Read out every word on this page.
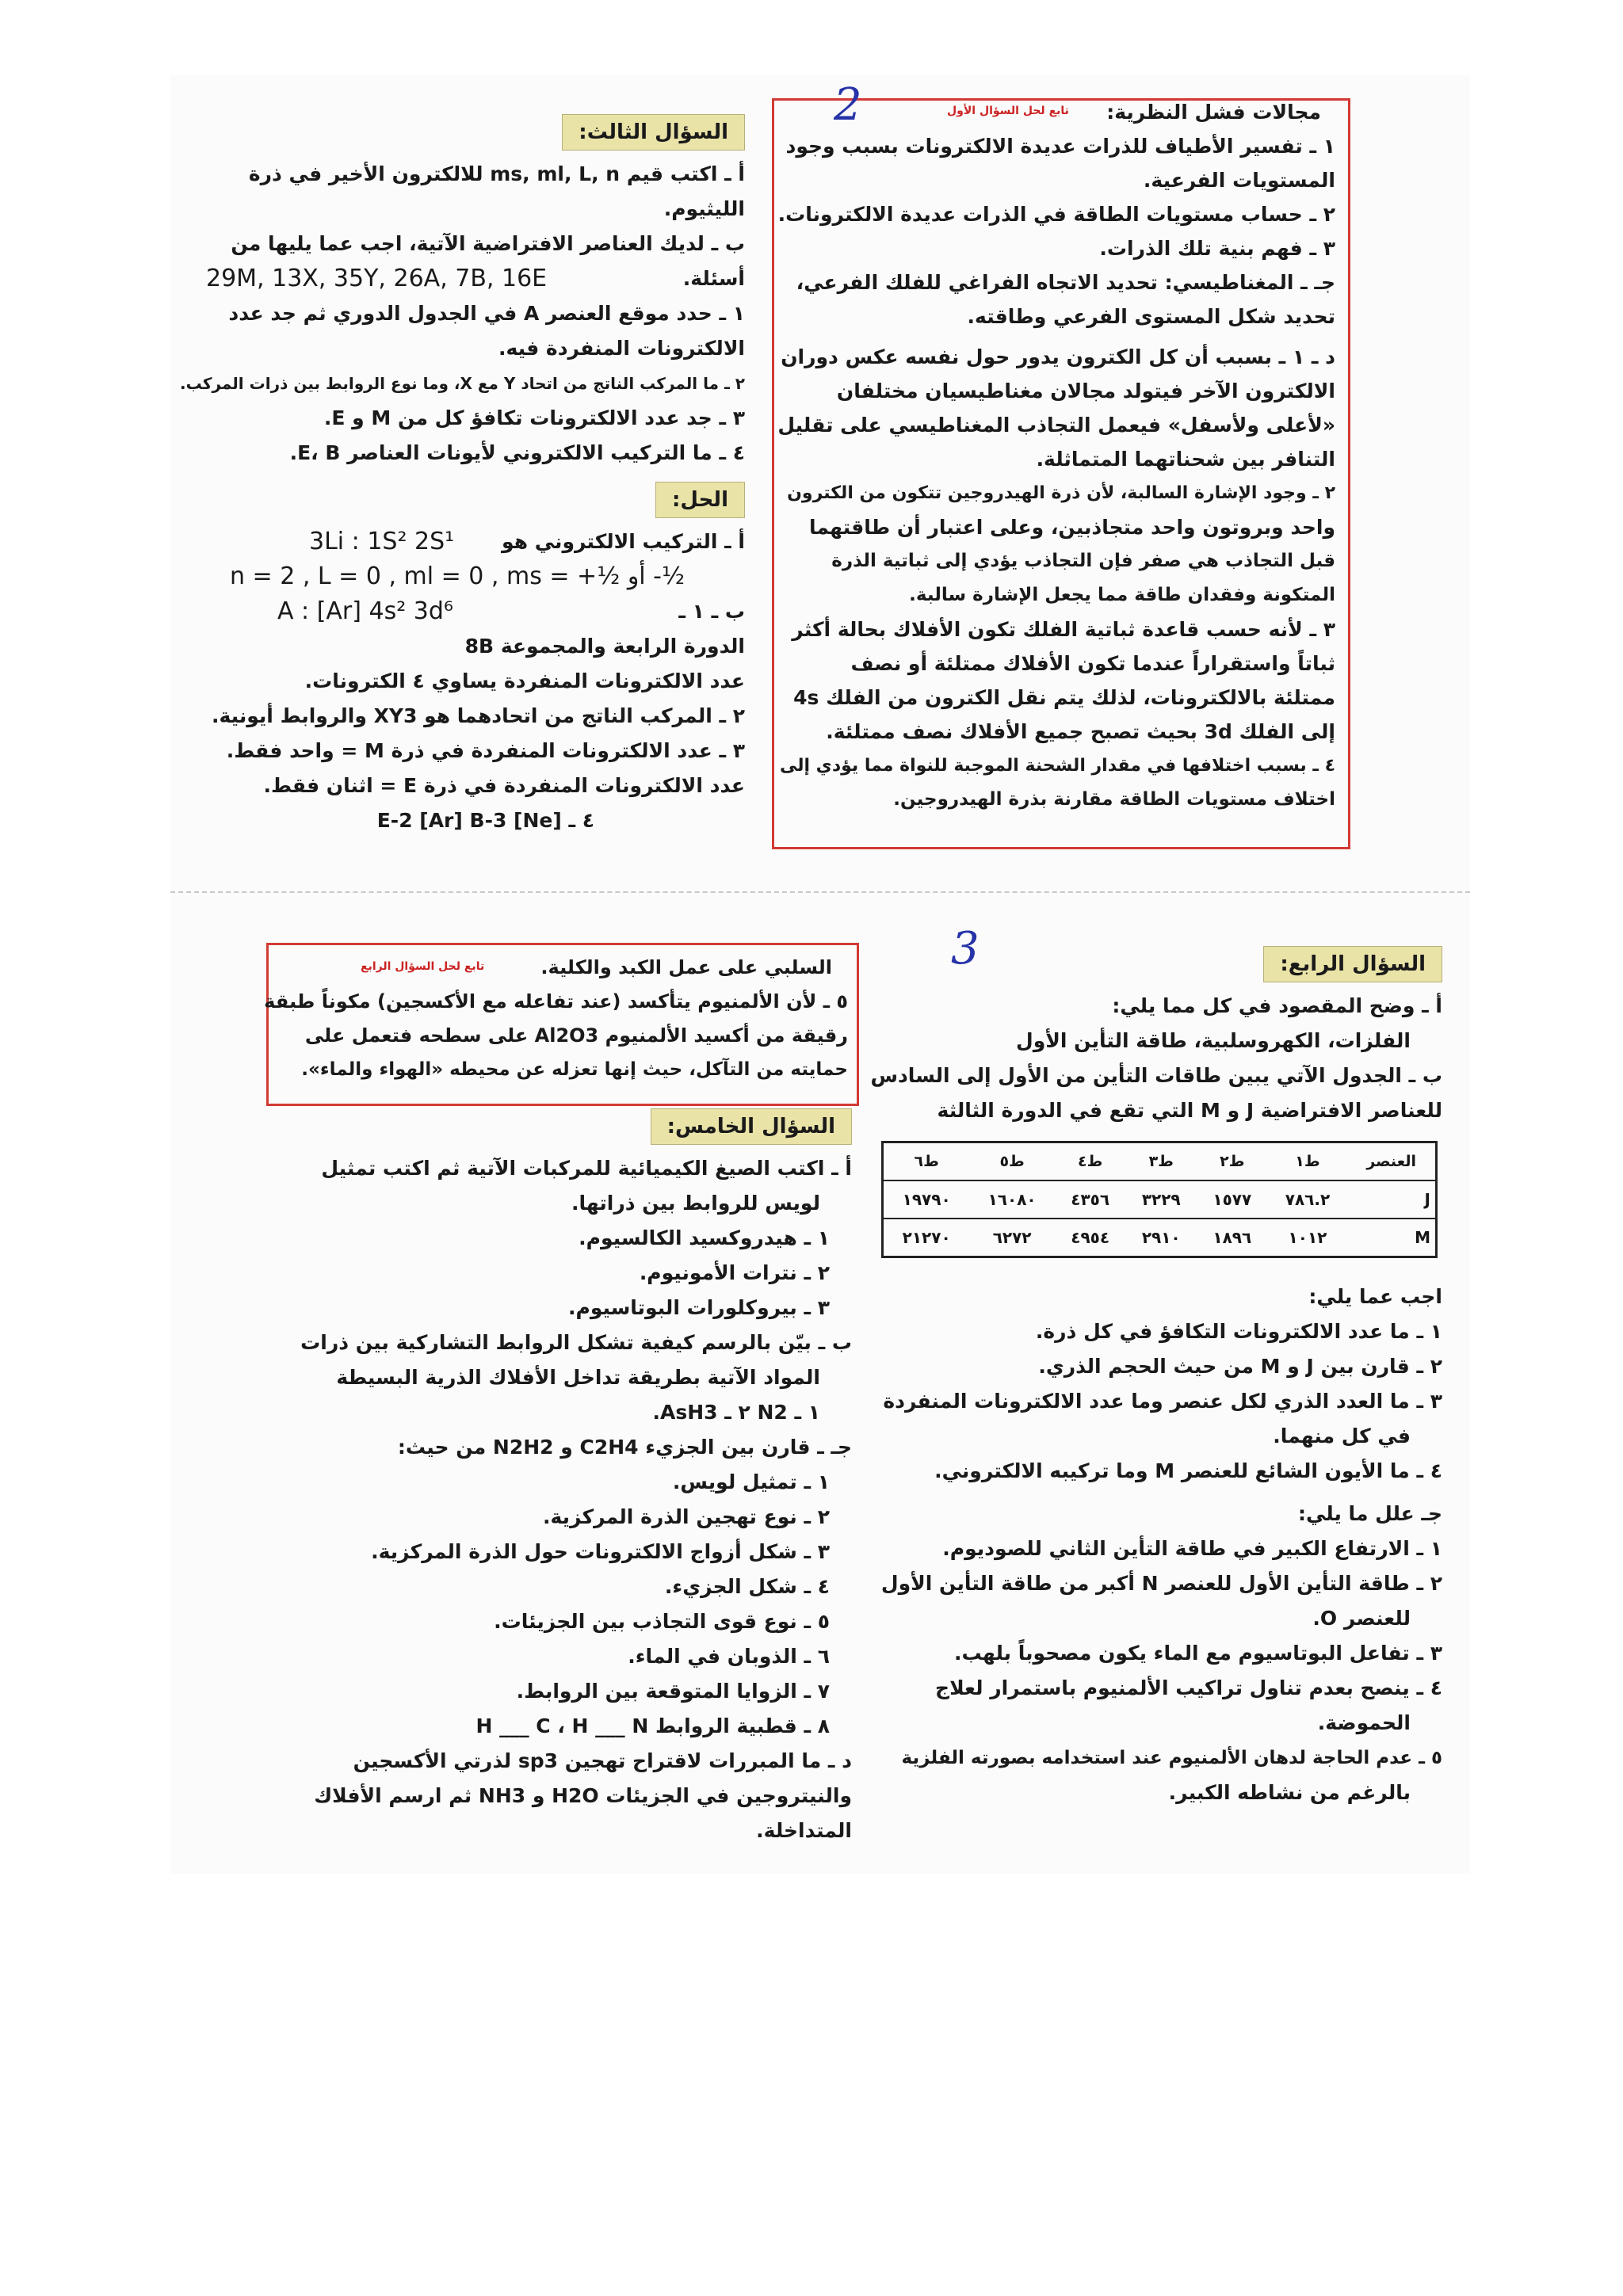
السؤال الثالث:
أ ـ اكتب قيم ms, ml, L, n للالكترون الأخير في ذرة
الليثيوم.
ب ـ لديك العناصر الافتراضية الآتية، اجب عما يليها من
أسئلة.
29M, 13X, 35Y, 26A, 7B, 16E
١ ـ حدد موقع العنصر A في الجدول الدوري ثم جد عدد
الالكترونات المنفردة فيه.
٢ ـ ما المركب الناتج من اتحاد Y مع X، وما نوع الروابط بين ذرات المركب.
٣ ـ جد عدد الالكترونات تكافؤ كل من M و E.
٤ ـ ما التركيب الالكتروني لأيونات العناصر E، B.
الحل:
أ ـ التركيب الالكتروني هو
3Li : 1S² 2S¹
n = 2 , L = 0 , ml = 0 , ms = +½ أو -½
ب ـ ١ ـ
A : [Ar] 4s² 3d⁶
الدورة الرابعة والمجموعة 8B
عدد الالكترونات المنفردة يساوي ٤ الكترونات.
٢ ـ المركب الناتج من اتحادهما هو XY3 والروابط أيونية.
٣ ـ عدد الالكترونات المنفردة في ذرة M = واحد فقط.
عدد الالكترونات المنفردة في ذرة E = اثنان فقط.
٤ ـ E-2 [Ar] B-3 [Ne]
تابع لحل السؤال الأول
2	مجالات فشل النظرية:
١ ـ تفسير الأطياف للذرات عديدة الالكترونات بسبب وجود
المستويات الفرعية.
٢ ـ حساب مستويات الطاقة في الذرات عديدة الالكترونات.
٣ ـ فهم بنية تلك الذرات.
جـ ـ المغناطيسي: تحديد الاتجاه الفراغي للفلك الفرعي،
تحديد شكل المستوى الفرعي وطاقته.
د ـ ١ ـ بسبب أن كل الكترون يدور حول نفسه عكس دوران
الالكترون الآخر فيتولد مجالان مغناطيسيان مختلفان
«لأعلى ولأسفل» فيعمل التجاذب المغناطيسي على تقليل
التنافر بين شحناتهما المتماثلة.
٢ ـ وجود الإشارة السالبة، لأن ذرة الهيدروجين تتكون من الكترون
واحد وبروتون واحد متجاذبين، وعلى اعتبار أن طاقتهما
قبل التجاذب هي صفر فإن التجاذب يؤدي إلى ثباتية الذرة
المتكونة وفقدان طاقة مما يجعل الإشارة سالبة.
٣ ـ لأنه حسب قاعدة ثباتية الفلك تكون الأفلاك بحالة أكثر
ثباتاً واستقراراً عندما تكون الأفلاك ممتلئة أو نصف
ممتلئة بالالكترونات، لذلك يتم نقل الكترون من الفلك 4s
إلى الفلك 3d بحيث تصبح جميع الأفلاك نصف ممتلئة.
٤ ـ بسبب اختلافها في مقدار الشحنة الموجبة للنواة مما يؤدي إلى
اختلاف مستويات الطاقة مقارنة بذرة الهيدروجين.
تابع لحل السؤال الرابع	السلبي على عمل الكبد والكلية.
٥ ـ لأن الألمنيوم يتأكسد (عند تفاعله مع الأكسجين) مكوناً طبقة
رقيقة من أكسيد الألمنيوم Al2O3 على سطحه فتعمل على
حمايته من التآكل، حيث إنها تعزله عن محيطه «الهواء والماء».
السؤال الخامس:
أ ـ اكتب الصيغ الكيميائية للمركبات الآتية ثم اكتب تمثيل
لويس للروابط بين ذراتها.
١ ـ هيدروكسيد الكالسيوم.
٢ ـ نترات الأمونيوم.
٣ ـ بيروكلورات البوتاسيوم.
ب ـ بيّن بالرسم كيفية تشكل الروابط التشاركية بين ذرات
المواد الآتية بطريقة تداخل الأفلاك الذرية البسيطة
١ ـ N2 ٢ ـ AsH3.
جـ ـ قارن بين الجزيء C2H4 و N2H2 من حيث:
١ ـ تمثيل لويس.
٢ ـ نوع تهجين الذرة المركزية.
٣ ـ شكل أزواج الالكترونات حول الذرة المركزية.
٤ ـ شكل الجزيء.
٥ ـ نوع قوى التجاذب بين الجزيئات.
٦ ـ الذوبان في الماء.
٧ ـ الزوايا المتوقعة بين الروابط.
٨ ـ قطبية الروابط H ___ C ، H ___ N
د ـ ما المبررات لاقتراح تهجين sp3 لذرتي الأكسجين
والنيتروجين في الجزيئات H2O و NH3 ثم ارسم الأفلاك
المتداخلة.
3	السؤال الرابع:
أ ـ وضح المقصود في كل مما يلي:
الفلزات، الكهروسلبية، طاقة التأين الأول
ب ـ الجدول الآتي يبين طاقات التأين من الأول إلى السادس
للعناصر الافتراضية J و M التي تقع في الدورة الثالثة
العنصر	ط١	ط٢	ط٣	ط٤	ط٥	ط٦
J	٧٨٦.٢	١٥٧٧	٣٢٢٩	٤٣٥٦	١٦٠٨٠	١٩٧٩٠
M	١٠١٢	١٨٩٦	٢٩١٠	٤٩٥٤	٦٢٧٢	٢١٢٧٠
اجب عما يلي:
١ ـ ما عدد الالكترونات التكافؤ في كل ذرة.
٢ ـ قارن بين J و M من حيث الحجم الذري.
٣ ـ ما العدد الذري لكل عنصر وما عدد الالكترونات المنفردة
في كل منهما.
٤ ـ ما الأيون الشائع للعنصر M وما تركيبه الالكتروني.
جـ علل ما يلي:
١ ـ الارتفاع الكبير في طاقة التأين الثاني للصوديوم.
٢ ـ طاقة التأين الأول للعنصر N أكبر من طاقة التأين الأول
للعنصر O.
٣ ـ تفاعل البوتاسيوم مع الماء يكون مصحوباً بلهب.
٤ ـ ينصح بعدم تناول تراكيب الألمنيوم باستمرار لعلاج
الحموضة.
٥ ـ عدم الحاجة لدهان الألمنيوم عند استخدامه بصورته الفلزية
بالرغم من نشاطه الكبير.
